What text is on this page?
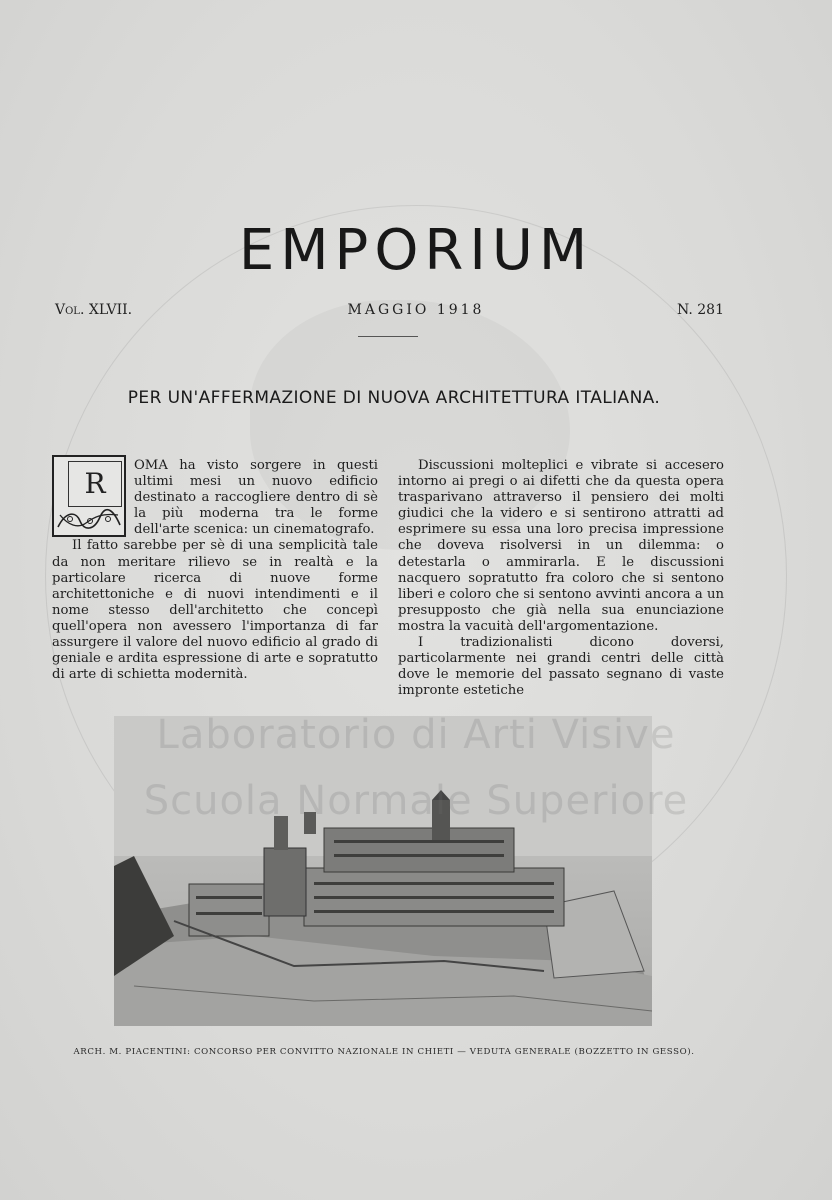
EMPORIUM
Vol. XLVII.	MAGGIO 1918	N. 281
PER UN'AFFERMAZIONE DI NUOVA ARCHITETTURA ITALIANA.
R

OMA ha visto sorgere in questi ultimi mesi un nuovo edificio destinato a raccogliere dentro di sè la più moderna tra le forme dell'arte scenica: un cinematografo.

Il fatto sarebbe per sè di una semplicità tale da non meritare rilievo se in realtà e la particolare ricerca di nuove forme architettoniche e di nuovi intendimenti e il nome stesso dell'architetto che concepì quell'opera non avessero l'importanza di far assurgere il valore del nuovo edificio al grado di geniale e ardita espressione di arte e sopratutto di arte di schietta modernità.

Discussioni molteplici e vibrate si accesero intorno ai pregi o ai difetti che da questa opera trasparivano attraverso il pensiero dei molti giudici che la videro e si sentirono attratti ad esprimere su essa una loro precisa impressione che doveva risolversi in un dilemma: o detestarla o ammirarla. E le discussioni nacquero sopratutto fra coloro che si sentono liberi e coloro che si sentono avvinti ancora a un presupposto che già nella sua enunciazione mostra la vacuità dell'argomentazione.

I tradizionalisti dicono doversi, particolarmente nei grandi centri delle città dove le memorie del passato segnano di vaste impronte estetiche

Laboratorio di Arti Visive
Scuola Normale Superiore
ARCH. M. PIACENTINI: CONCORSO PER CONVITTO NAZIONALE IN CHIETI — VEDUTA GENERALE (BOZZETTO IN GESSO).
